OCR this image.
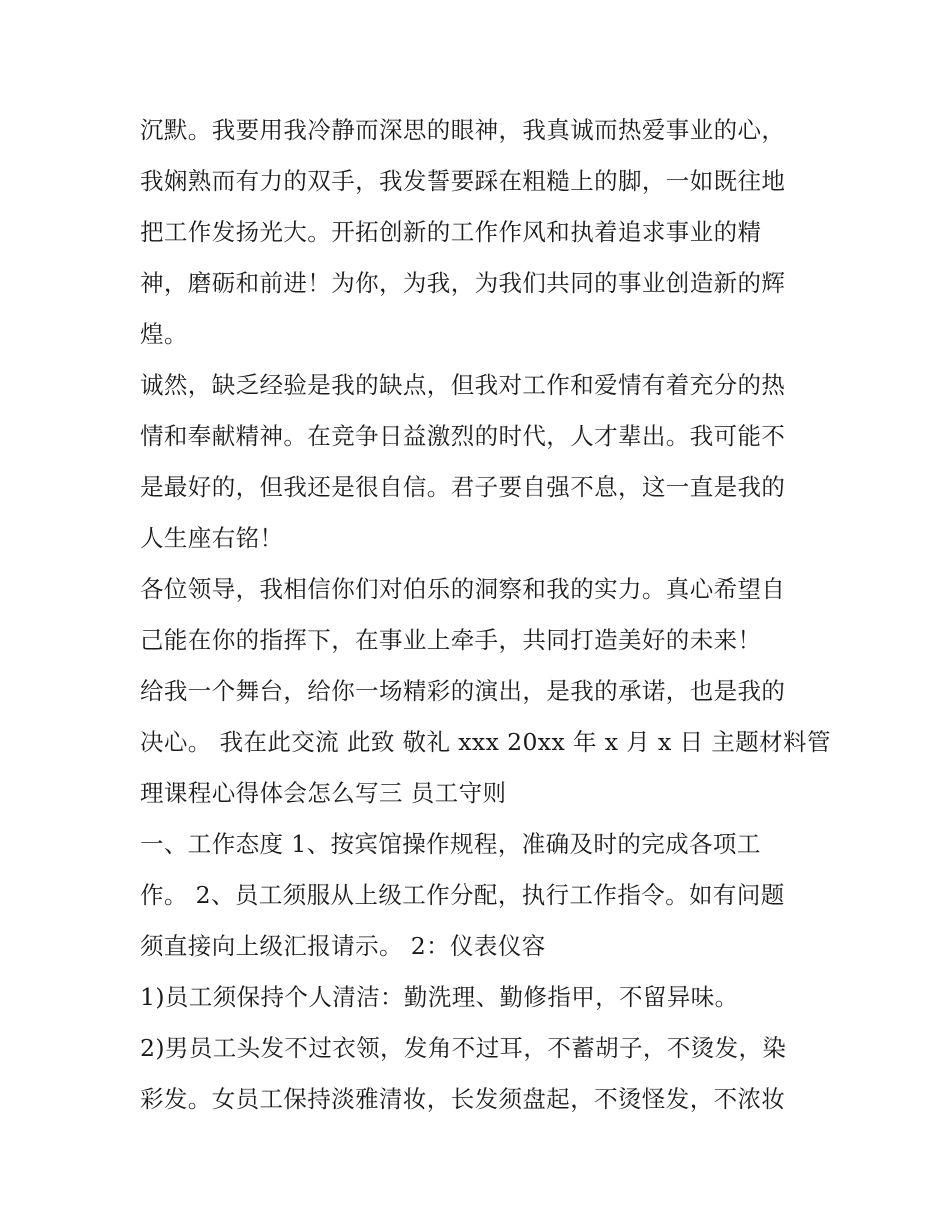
沉默。我要用我冷静而深思的眼神，我真诚而热爱事业的心，
我娴熟而有力的双手，我发誓要踩在粗糙上的脚，一如既往地
把工作发扬光大。开拓创新的工作作风和执着追求事业的精
神，磨砺和前进！为你，为我，为我们共同的事业创造新的辉
煌。
诚然，缺乏经验是我的缺点，但我对工作和爱情有着充分的热
情和奉献精神。在竞争日益激烈的时代，人才辈出。我可能不
是最好的，但我还是很自信。君子要自强不息，这一直是我的
人生座右铭！
各位领导，我相信你们对伯乐的洞察和我的实力。真心希望自
己能在你的指挥下，在事业上牵手，共同打造美好的未来！
给我一个舞台，给你一场精彩的演出，是我的承诺，也是我的
决心。 我在此交流 此致 敬礼 xxx 20xx 年 x 月 x 日 主题材料管
理课程心得体会怎么写三 员工守则
一、工作态度 1、按宾馆操作规程，准确及时的完成各项工
作。 2、员工须服从上级工作分配，执行工作指令。如有问题
须直接向上级汇报请示。 2：仪表仪容
1)员工须保持个人清洁：勤洗理、勤修指甲，不留异味。
2)男员工头发不过衣领，发角不过耳，不蓄胡子，不烫发，染
彩发。女员工保持淡雅清妆，长发须盘起，不烫怪发，不浓妆
